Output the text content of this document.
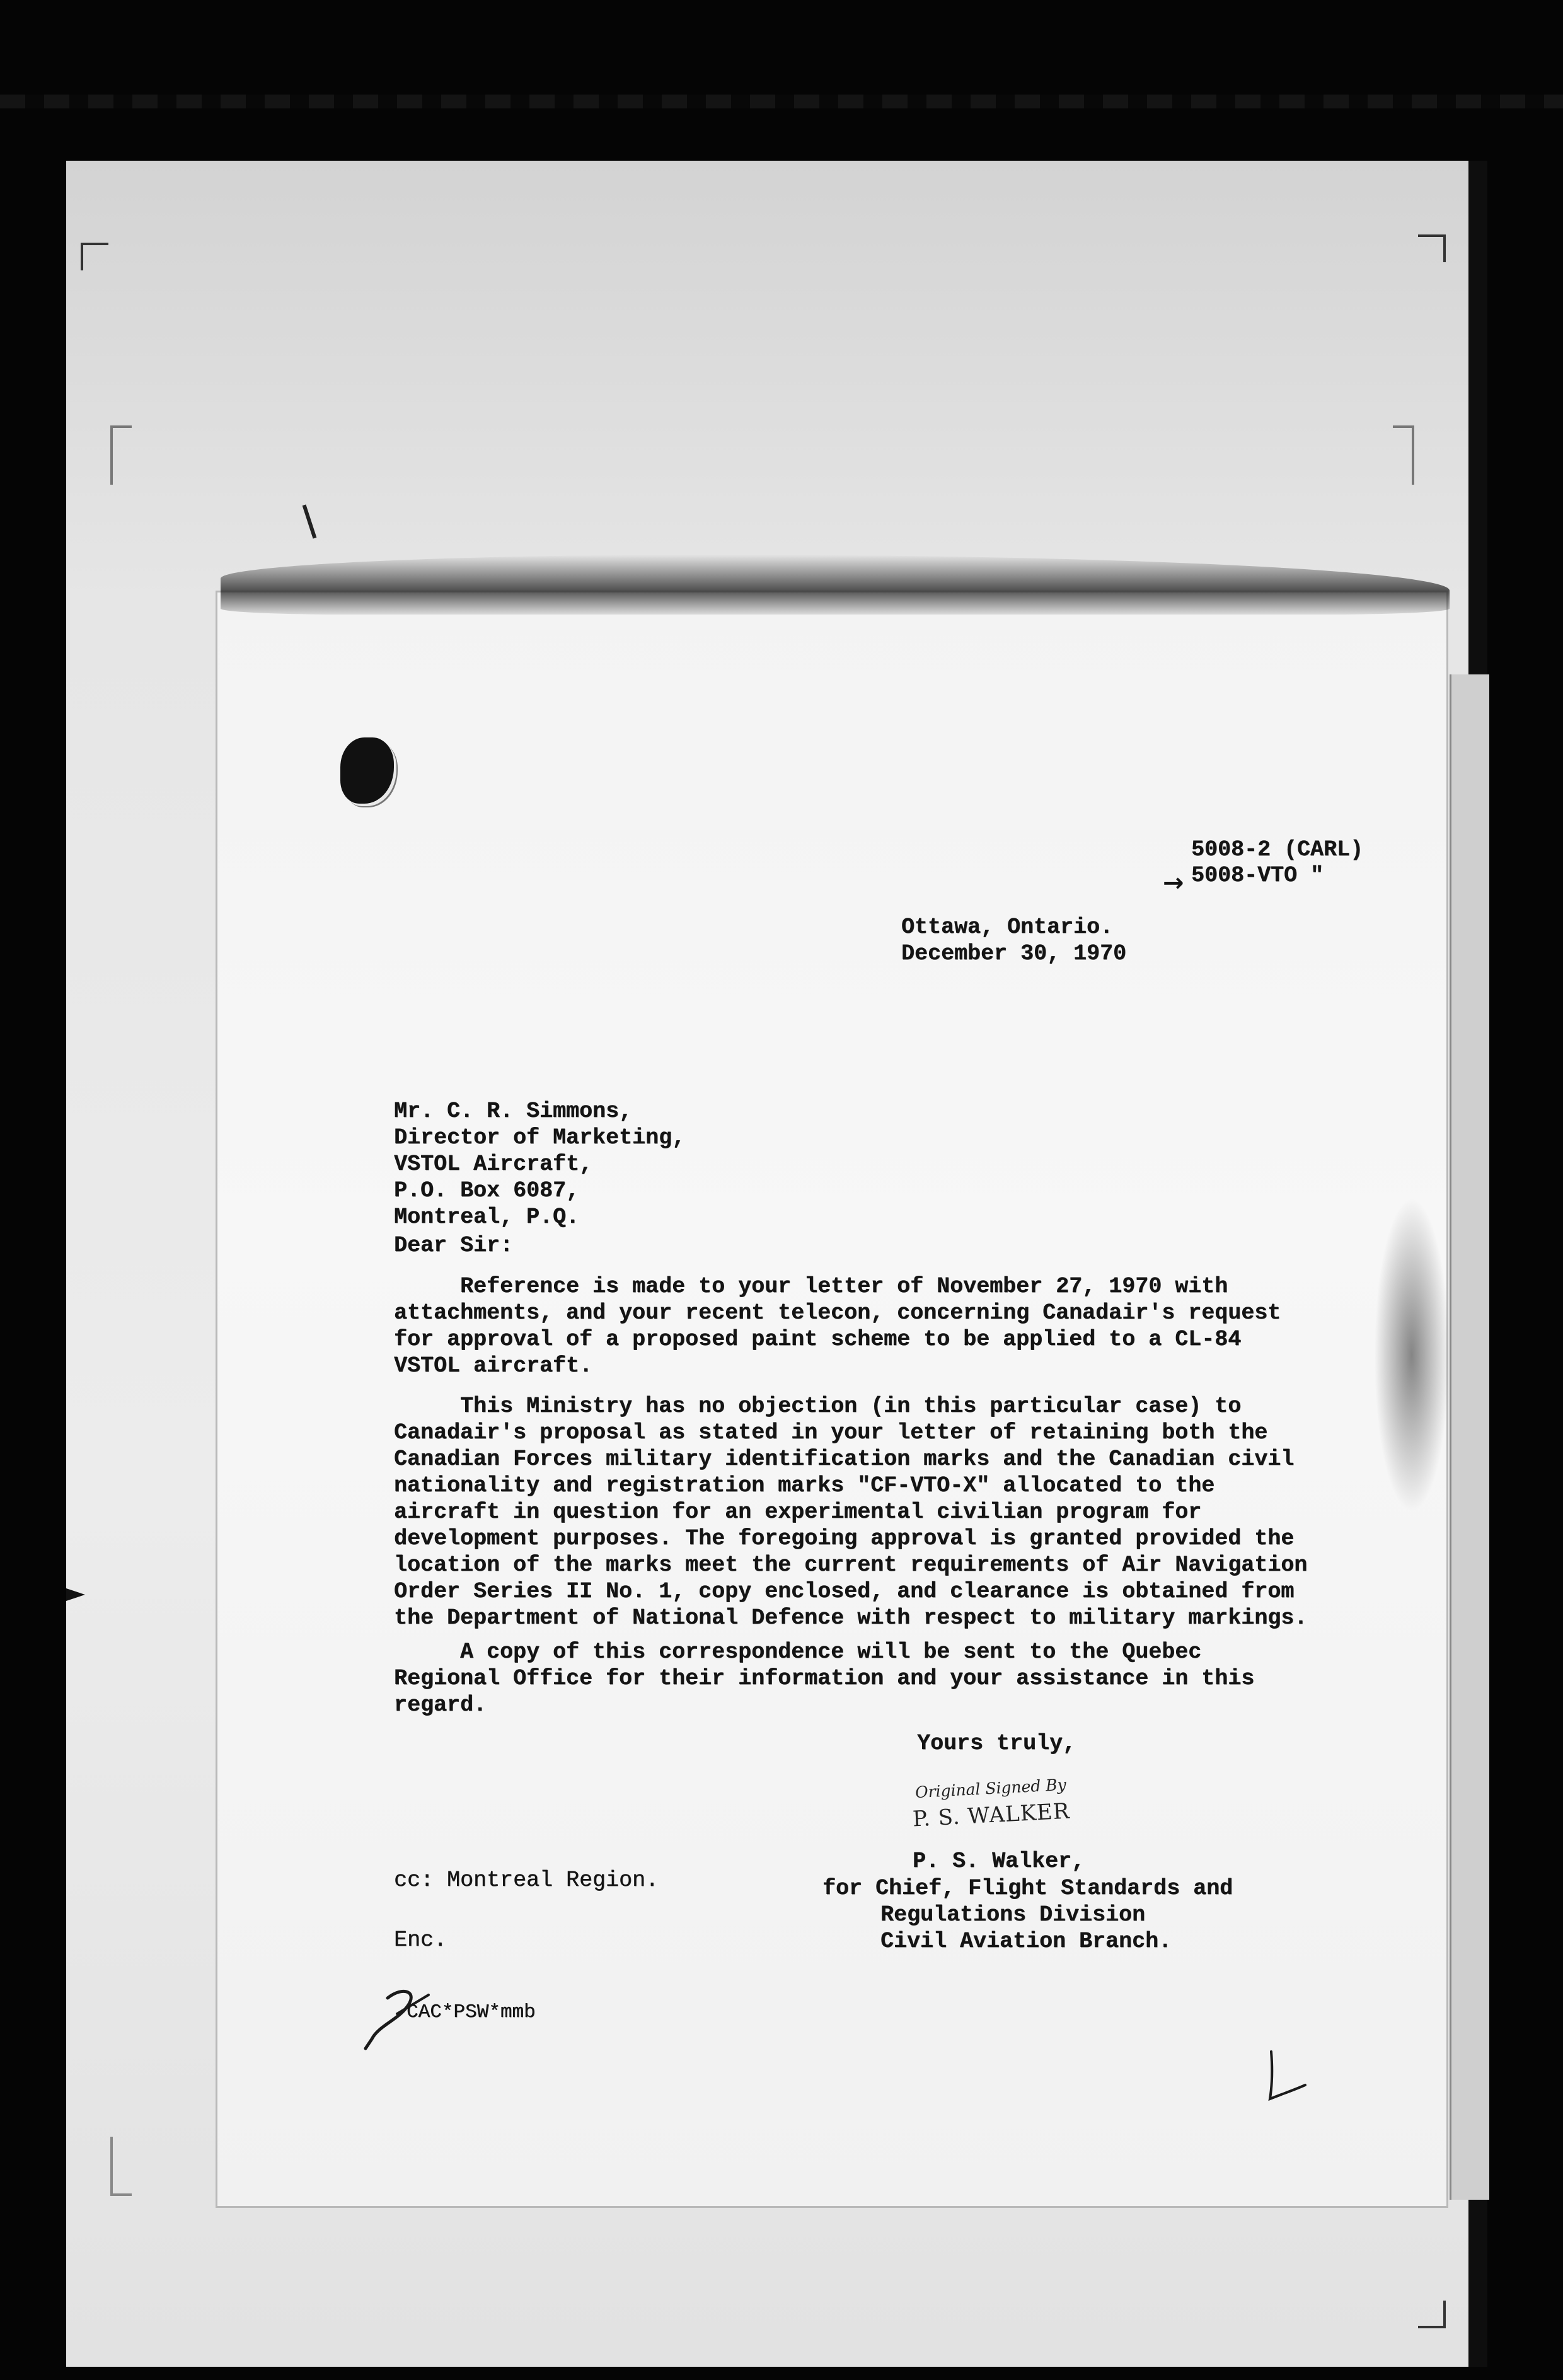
5008-2 (CARL)

→ 5008-VTO "

Ottawa, Ontario.

December 30, 1970

Mr. C. R. Simmons,
Director of Marketing,
VSTOL Aircraft,
P.O. Box 6087,
Montreal, P.Q.

Dear Sir:

Reference is made to your letter of November 27, 1970 with
attachments, and your recent telecon, concerning Canadair's request
for approval of a proposed paint scheme to be applied to a CL-84
VSTOL aircraft.

This Ministry has no objection (in this particular case) to
Canadair's proposal as stated in your letter of retaining both the
Canadian Forces military identification marks and the Canadian
nationality and registration marks "CF-VTO-X" allocated to the
aircraft in question for an experimental civilian program for
development purposes. The foregoing approval is granted provided
location of the marks meet the current requirements of Air Navigation
Order Series II No. 1, copy enclosed, and clearance is obtained
the Department of National Defence with respect to military markings.

A copy of this correspondence will be sent to the Quebec
Regional Office for their information and your assistance in this
regard.

Yours truly,

Original Signed By

P. S. WALKER

P. S. Walker,

for Chief, Flight Standards and

Regulations Division

Civil Aviation Branch.

cc: Montreal Region.

Enc.

CAC*PSW*mmb
